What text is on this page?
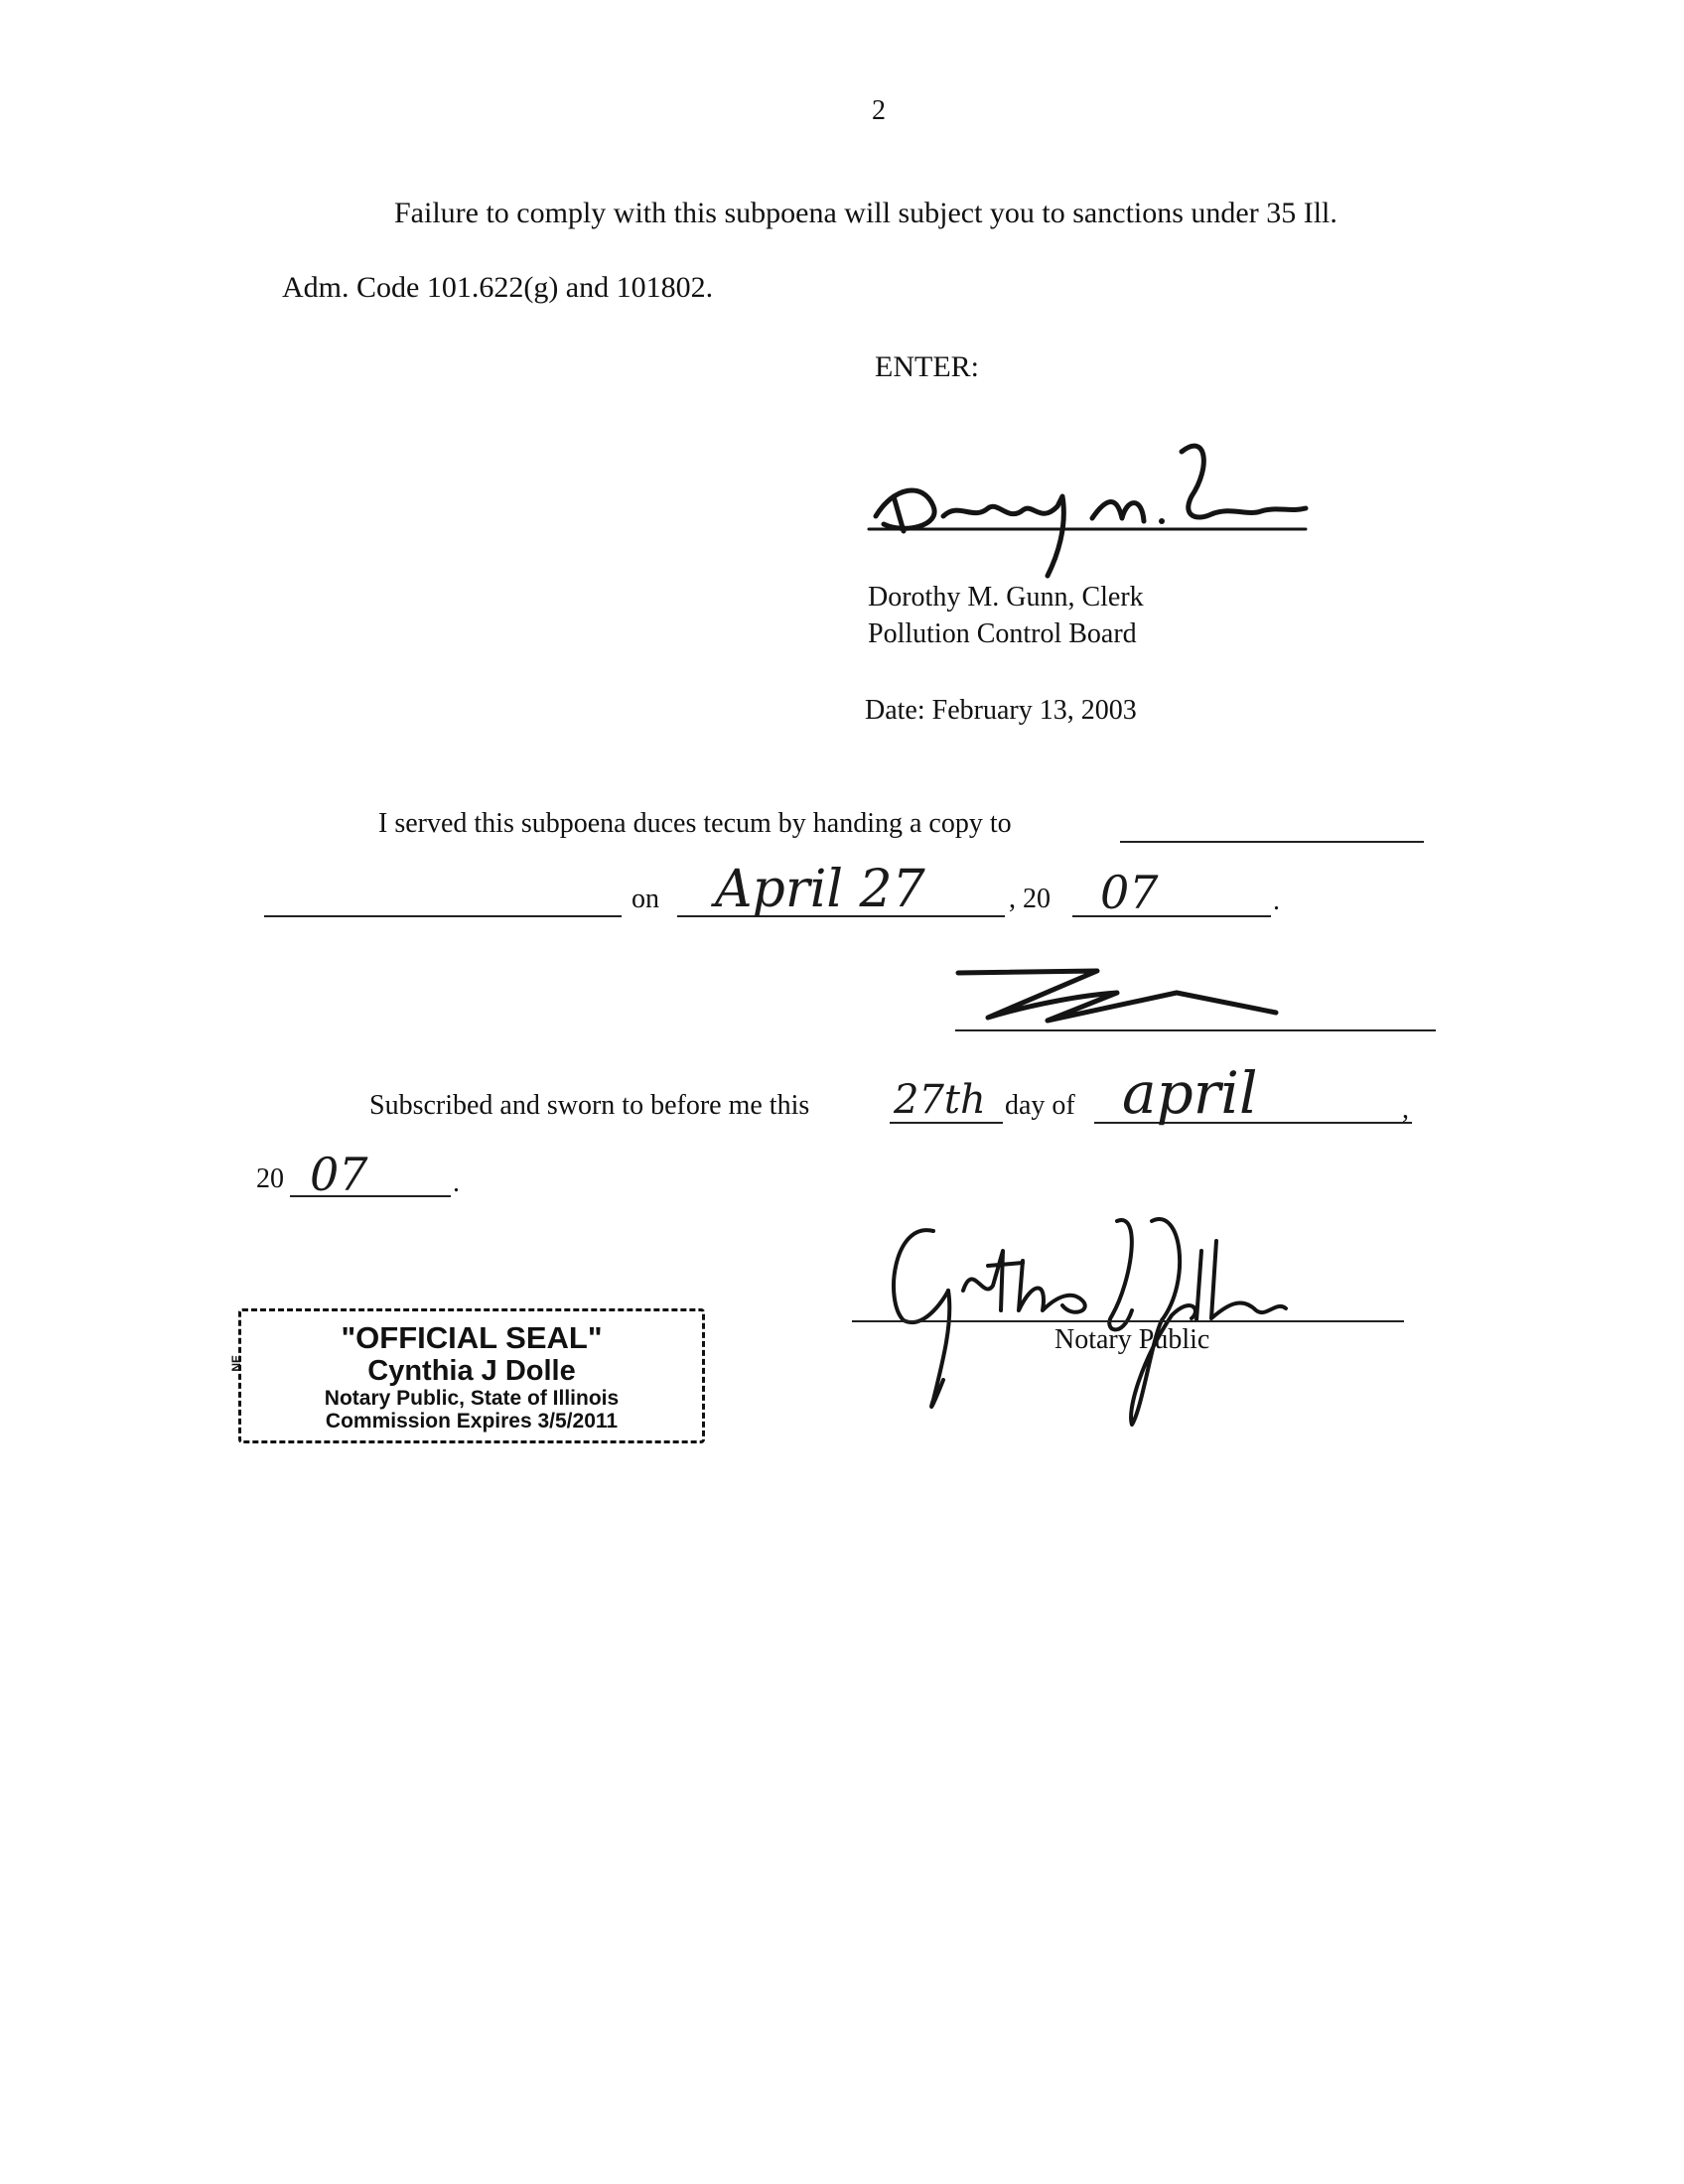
2
Failure to comply with this subpoena will subject you to sanctions under 35 Ill.
Adm. Code 101.622(g) and 101802.
ENTER:
Dorothy M. Gunn, Clerk
Pollution Control Board
Date: February 13, 2003
I served this subpoena duces tecum by handing a copy to
on April 27	, 20 07	.
Subscribed and sworn to before me this 27th day of april	,
20 07	.
Notary Public
NE
"OFFICIAL SEAL"
Cynthia J Dolle
Notary Public, State of Illinois
Commission Expires 3/5/2011
